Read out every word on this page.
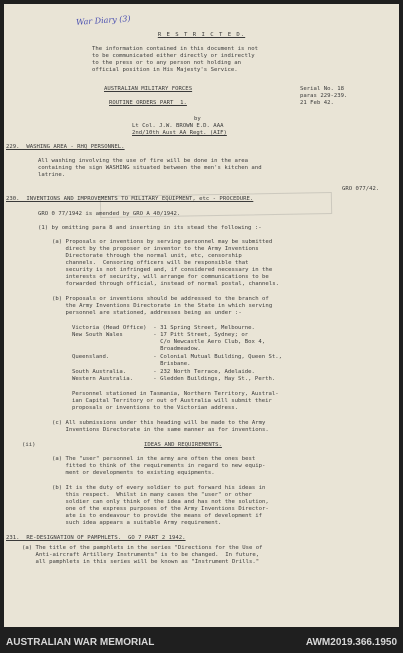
War Diary (3)
R E S T R I C T E D.
The information contained in this document is not
to be communicated either directly or indirectly
to the press or to any person not holding an
official position in His Majesty's Service.
AUSTRALIAN MILITARY FORCES
ROUTINE ORDERS PART  1.
Serial No. 18
paras 229-239.
21 Feb 42.
by
Lt Col. J.W. BROWN E.D. AAA
2nd/10th Aust AA Regt. (AIF)
229.  WASHING AREA - RHQ PERSONNEL.
All washing involving the use of fire will be done in the area
containing the sign WASHING situated between the men's kitchen and
latrine.
GRO 077/42.
230.  INVENTIONS AND IMPROVEMENTS TO MILITARY EQUIPMENT, etc - PROCEDURE.
GRO 0 77/1942 is amended by GRO A 40/1942.
(1) by omitting para 8 and inserting in its stead the following :-
(a) Proposals or inventions by serving personnel may be submitted
direct by the proposer or inventor to the Army Inventions
Directorate through the normal unit, etc, censorship
channels.  Censoring officers will be responsible that
security is not infringed and, if considered necessary in the
interests of security, will arrange for communications to be
forwarded through official, instead of normal postal, channels.
(b) Proposals or inventions should be addressed to the branch of
the Army Inventions Directorate in the State in which serving
personnel are stationed, addresses being as under :-
Victoria (Head Office)  - 31 Spring Street, Melbourne.
New South Wales         - 17 Pitt Street, Sydney; or
C/o Newcastle Aero Club, Box 4,
Broadmeadow.
Queensland.             - Colonial Mutual Building, Queen St.,
Brisbane.
South Australia.        - 232 North Terrace, Adelaide.
Western Australia.      - Gledden Buildings, Hay St., Perth.
Personnel stationed in Tasmania, Northern Territory, Austral-
ian Capital Territory or out of Australia will submit their
proposals or inventions to the Victorian address.
(c) All submissions under this heading will be made to the Army
Inventions Directorate in the same manner as for inventions.
(ii)	IDEAS AND REQUIREMENTS.
(a) The "user" personnel in the army are often the ones best
fitted to think of the requirements in regard to new equip-
ment or developments to existing equipments.
(b) It is the duty of every soldier to put forward his ideas in
this respect.  Whilst in many cases the "user" or other
soldier can only think of the idea and has not the solution,
one of the express purposes of the Army Inventions Director-
ate is to endeavour to provide the means of development if
such idea appears a suitable Army requirement.
231.  RE-DESIGNATION OF PAMPHLETS.  GO 7 PART 2 1942.
(a) The title of the pamphlets in the series "Directions for the Use of
Anti-aircraft Artillery Instruments" is to be changed.  In future,
all pamphlets in this series will be known as "Instrument Drills."
AUSTRALIAN WAR MEMORIAL	AWM2019.366.1950
